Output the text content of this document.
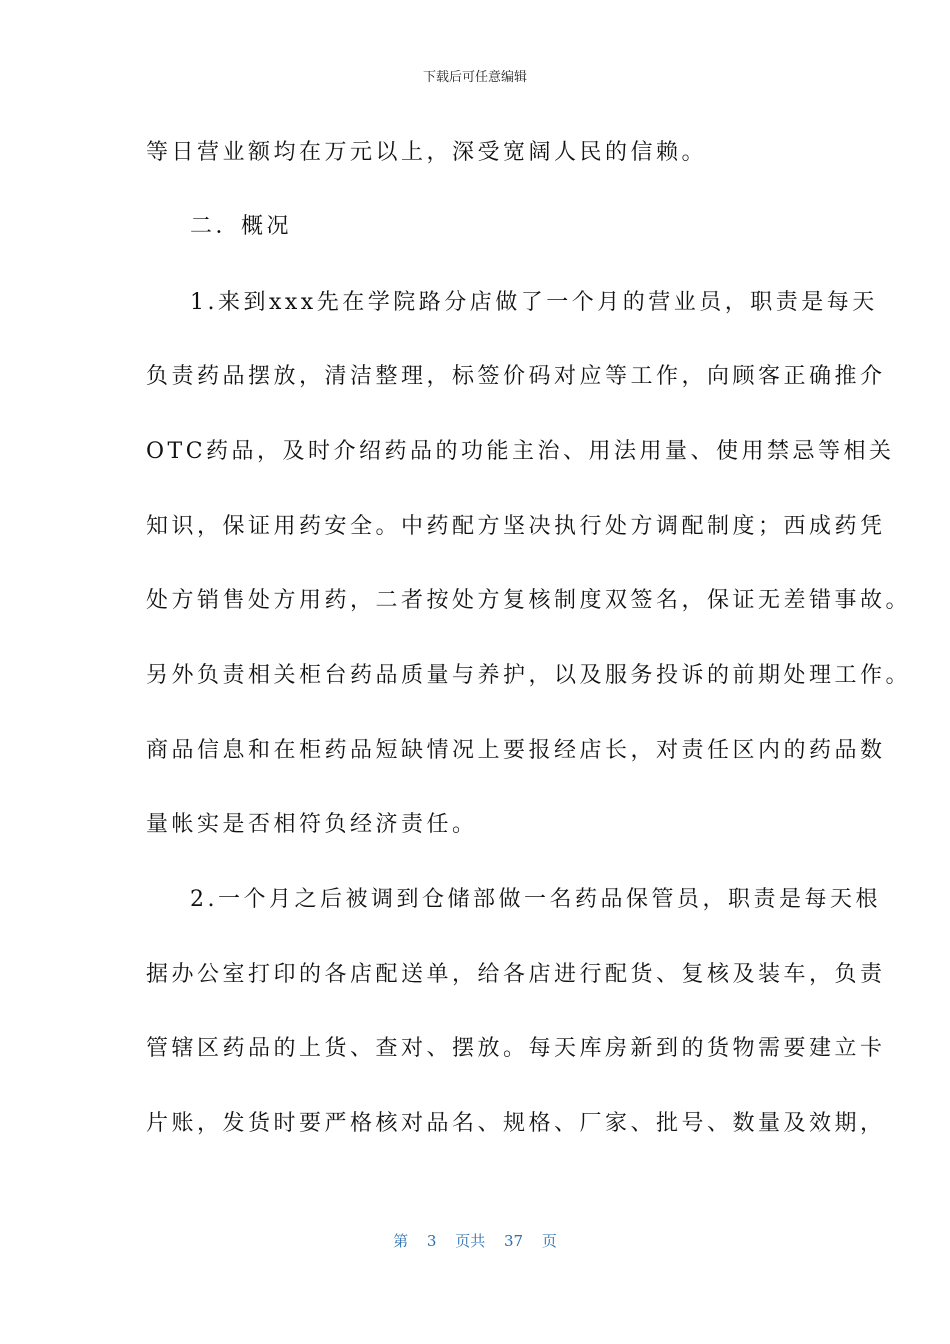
下载后可任意编辑
等日营业额均在万元以上，深受宽阔人民的信赖。
二．概况
1.来到xxx先在学院路分店做了一个月的营业员，职责是每天
负责药品摆放，清洁整理，标签价码对应等工作，向顾客正确推介
OTC药品，及时介绍药品的功能主治、用法用量、使用禁忌等相关
知识，保证用药安全。中药配方坚决执行处方调配制度；西成药凭
处方销售处方用药，二者按处方复核制度双签名，保证无差错事故。
另外负责相关柜台药品质量与养护，以及服务投诉的前期处理工作。
商品信息和在柜药品短缺情况上要报经店长，对责任区内的药品数
量帐实是否相符负经济责任。
2.一个月之后被调到仓储部做一名药品保管员，职责是每天根
据办公室打印的各店配送单，给各店进行配货、复核及装车，负责
管辖区药品的上货、查对、摆放。每天库房新到的货物需要建立卡
片账，发货时要严格核对品名、规格、厂家、批号、数量及效期，
第 3 页共 37 页
